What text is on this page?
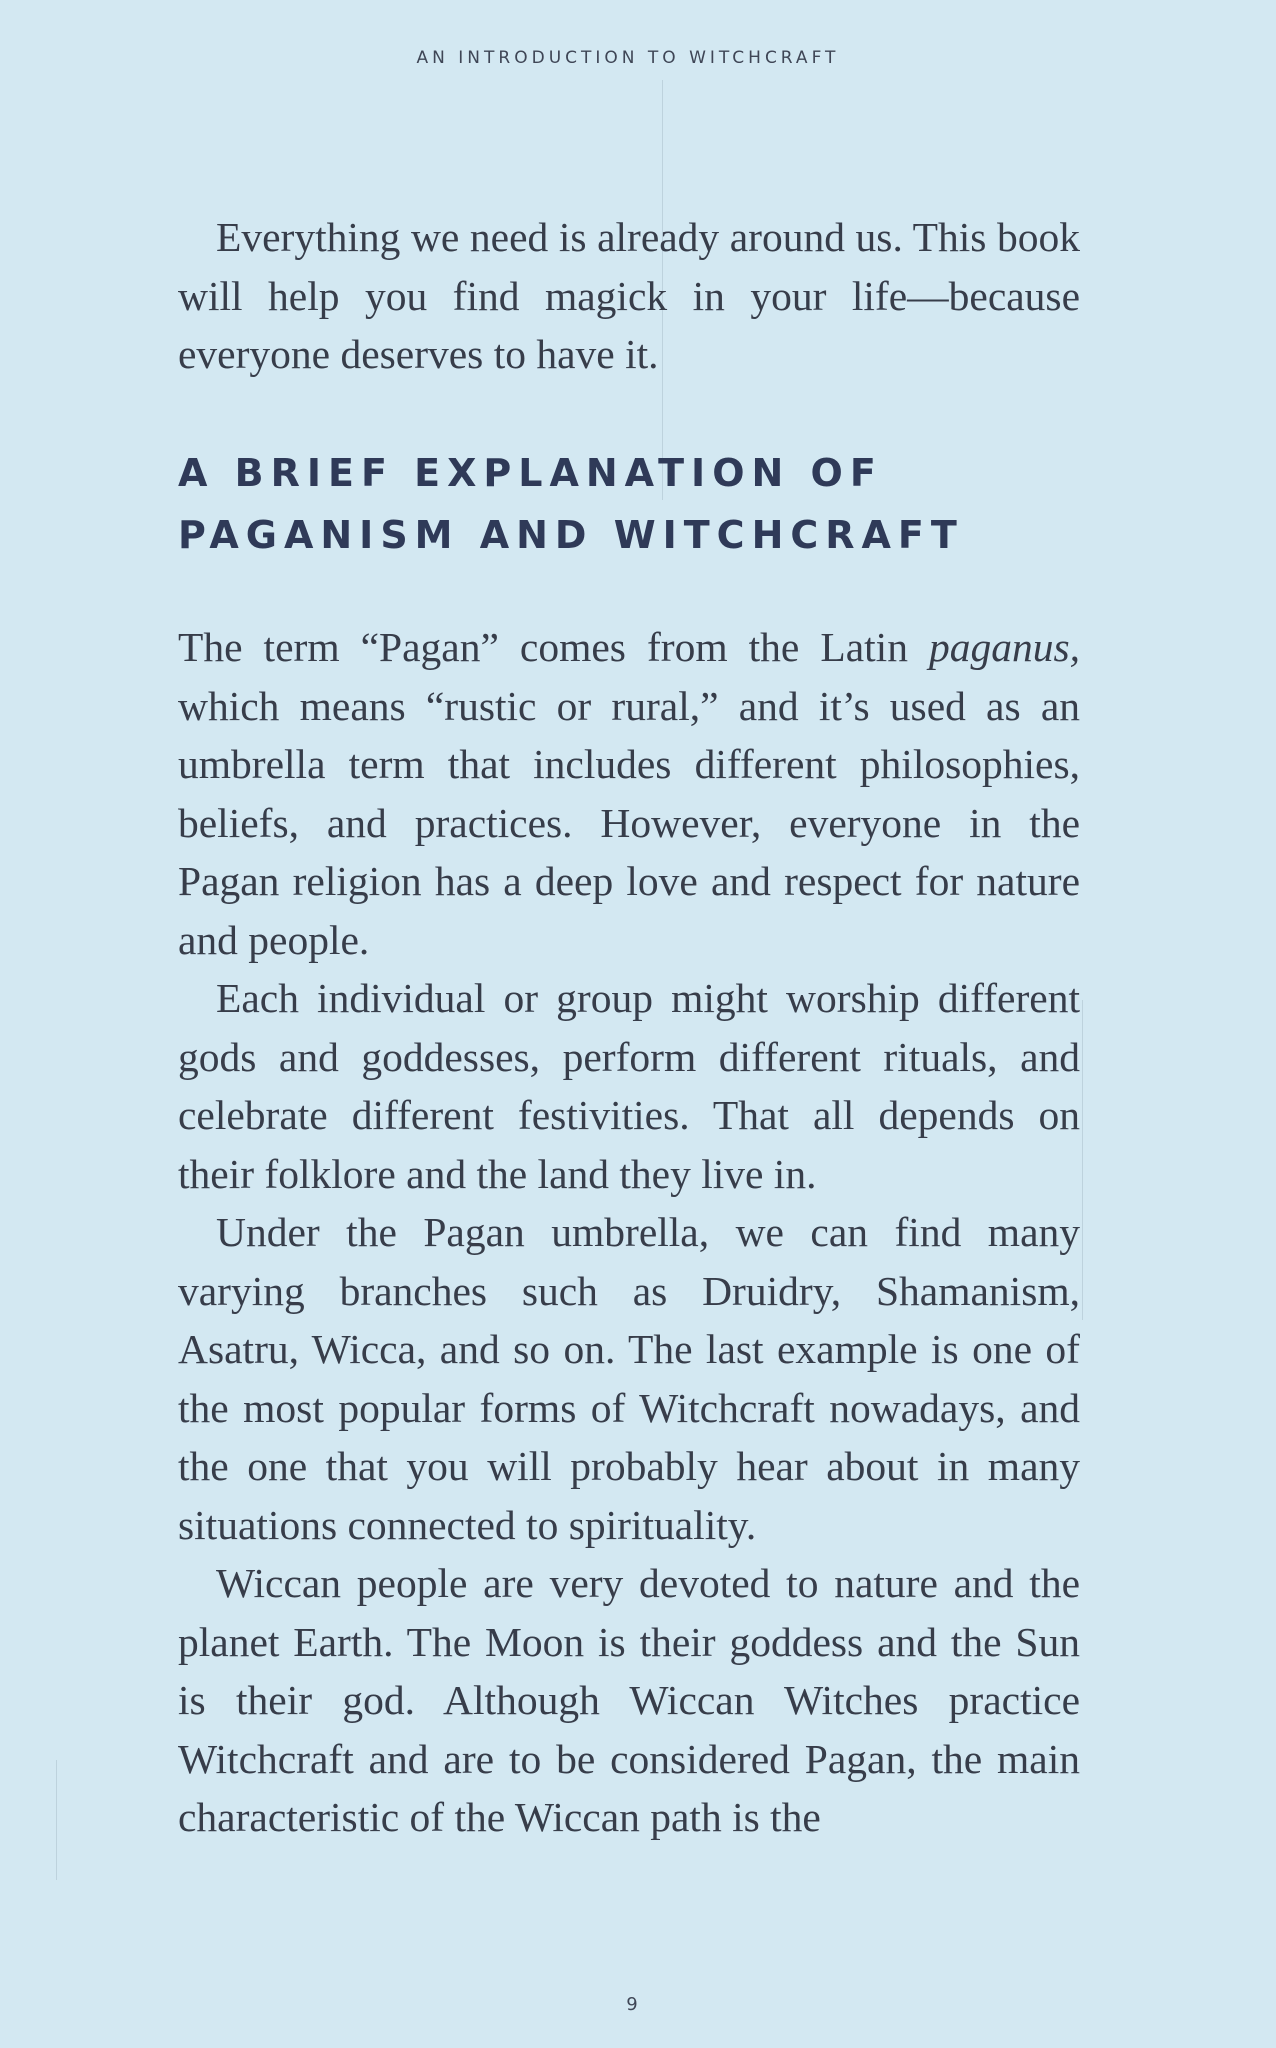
AN INTRODUCTION TO WITCHCRAFT

Everything we need is already around us. This book will help you find magick in your life—because everyone deserves to have it.

A BRIEF EXPLANATION OF
PAGANISM AND WITCHCRAFT

The term “Pagan” comes from the Latin paganus, which means “rustic or rural,” and it’s used as an umbrella term that includes different philosophies, beliefs, and practices. However, everyone in the Pagan religion has a deep love and respect for nature and people.

Each individual or group might worship different gods and goddesses, perform different rituals, and celebrate different festivities. That all depends on their folklore and the land they live in.

Under the Pagan umbrella, we can find many varying branches such as Druidry, Shamanism, Asatru, Wicca, and so on. The last example is one of the most popular forms of Witchcraft nowadays, and the one that you will probably hear about in many situations connected to spirituality.

Wiccan people are very devoted to nature and the planet Earth. The Moon is their goddess and the Sun is their god. Although Wiccan Witches practice Witchcraft and are to be considered Pagan, the main characteristic of the Wiccan path is the

9
